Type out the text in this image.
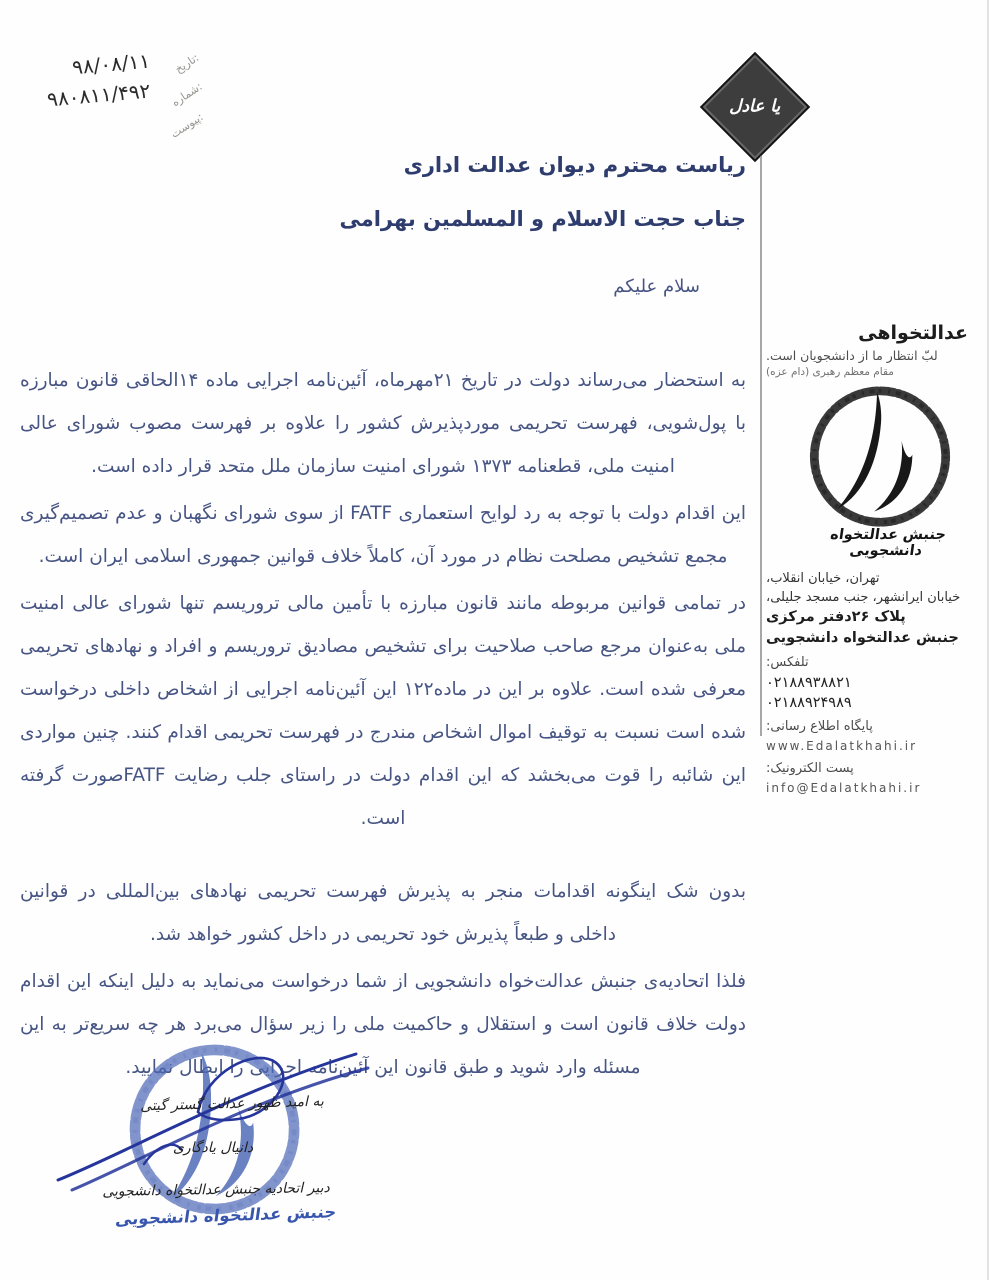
۹۸/۰۸/۱۱	تاریخ:
۹۸۰۸۱۱/۴۹۲	شماره:
پیوست:	یا عادل
ریاست محترم دیوان عدالت اداری
جناب حجت الاسلام و المسلمین بهرامی
سلام علیکم

به استحضار می‌رساند دولت در تاریخ ۲۱مهرماه، آئین‌نامه اجرایی ماده ۱۴الحاقی قانون مبارزه با پول‌شویی، فهرست تحریمی موردپذیرش کشور را علاوه بر فهرست مصوب شورای عالی امنیت ملی، قطعنامه ۱۳۷۳ شورای امنیت سازمان ملل متحد قرار داده است.

این اقدام دولت با توجه به رد لوایح استعماری FATF از سوی شورای نگهبان و عدم تصمیم‌گیری مجمع تشخیص مصلحت نظام در مورد آن، کاملاً خلاف قوانین جمهوری اسلامی ایران است.

در تمامی قوانین مربوطه مانند قانون مبارزه با تأمین مالی تروریسم تنها شورای عالی امنیت ملی به‌عنوان مرجع صاحب صلاحیت برای تشخیص مصادیق تروریسم و افراد و نهادهای تحریمی معرفی شده است. علاوه بر این در ماده۱۲۲ این آئین‌نامه اجرایی از اشخاص داخلی درخواست شده است نسبت به توقیف اموال اشخاص مندرج در فهرست تحریمی اقدام کنند. چنین مواردی این شائبه را قوت می‌بخشد که این اقدام دولت در راستای جلب رضایت FATFصورت گرفته است.

بدون شک اینگونه اقدامات منجر به پذیرش فهرست تحریمی نهادهای بین‌المللی در قوانین داخلی و طبعاً پذیرش خود تحریمی در داخل کشور خواهد شد.

فلذا اتحادیه‌ی جنبش عدالت‌خواه دانشجویی از شما درخواست می‌نماید به دلیل اینکه این اقدام دولت خلاف قانون است و استقلال و حاکمیت ملی را زیر سؤال می‌برد هر چه سریع‌تر به این مسئله وارد شوید و طبق قانون این آئین‌نامه اجرایی را ابطال نمایید.

عدالتخواهی
لبّ انتظار ما از دانشجویان است.
مقام معظم رهبری (دام عزه)
جنبش عدالتخواه دانشجویی
تهران، خیابان انقلاب،
خیابان ایرانشهر، جنب مسجد جلیلی،
پلاک ۲۶دفتر مرکزی
جنبش عدالتخواه دانشجویی
تلفکس:
۰۲۱۸۸۹۳۸۸۲۱
۰۲۱۸۸۹۲۴۹۸۹
پایگاه اطلاع رسانی:
www.Edalatkhahi.ir
پست الکترونیک:
info@Edalatkhahi.ir
به امید ظهور عدالت گستر گیتی
دانیال یادگاری
دبیر اتحادیه جنبش عدالتخواه دانشجویی
جنبش عدالتخواه دانشجویی
